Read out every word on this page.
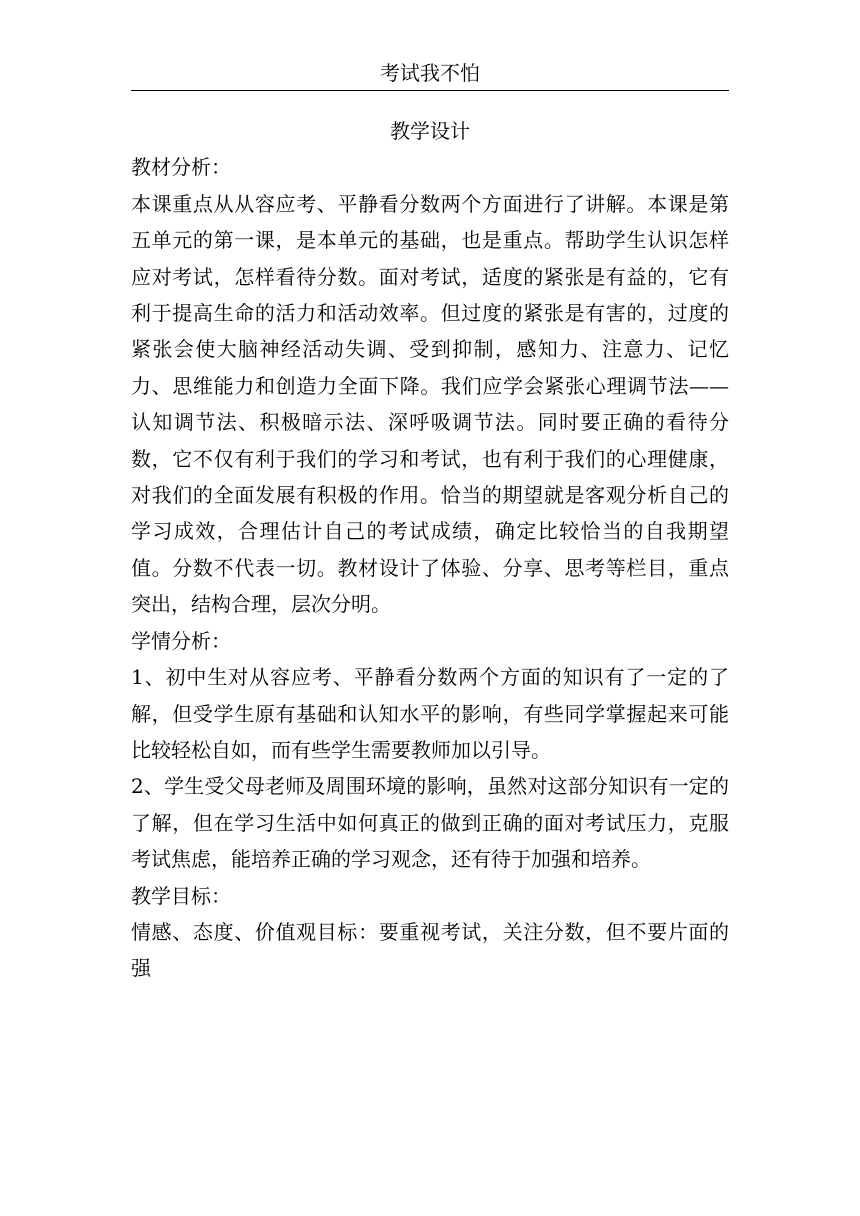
考试我不怕

教学设计

教材分析：

本课重点从从容应考、平静看分数两个方面进行了讲解。本课是第五单元的第一课，是本单元的基础，也是重点。帮助学生认识怎样应对考试，怎样看待分数。面对考试，适度的紧张是有益的，它有利于提高生命的活力和活动效率。但过度的紧张是有害的，过度的紧张会使大脑神经活动失调、受到抑制，感知力、注意力、记忆力、思维能力和创造力全面下降。我们应学会紧张心理调节法——认知调节法、积极暗示法、深呼吸调节法。同时要正确的看待分数，它不仅有利于我们的学习和考试，也有利于我们的心理健康，对我们的全面发展有积极的作用。恰当的期望就是客观分析自己的学习成效，合理估计自己的考试成绩，确定比较恰当的自我期望值。分数不代表一切。教材设计了体验、分享、思考等栏目，重点突出，结构合理，层次分明。

学情分析：

1、初中生对从容应考、平静看分数两个方面的知识有了一定的了解，但受学生原有基础和认知水平的影响，有些同学掌握起来可能比较轻松自如，而有些学生需要教师加以引导。

2、学生受父母老师及周围环境的影响，虽然对这部分知识有一定的了解，但在学习生活中如何真正的做到正确的面对考试压力，克服考试焦虑，能培养正确的学习观念，还有待于加强和培养。

教学目标：

情感、态度、价值观目标：要重视考试，关注分数，但不要片面的强
